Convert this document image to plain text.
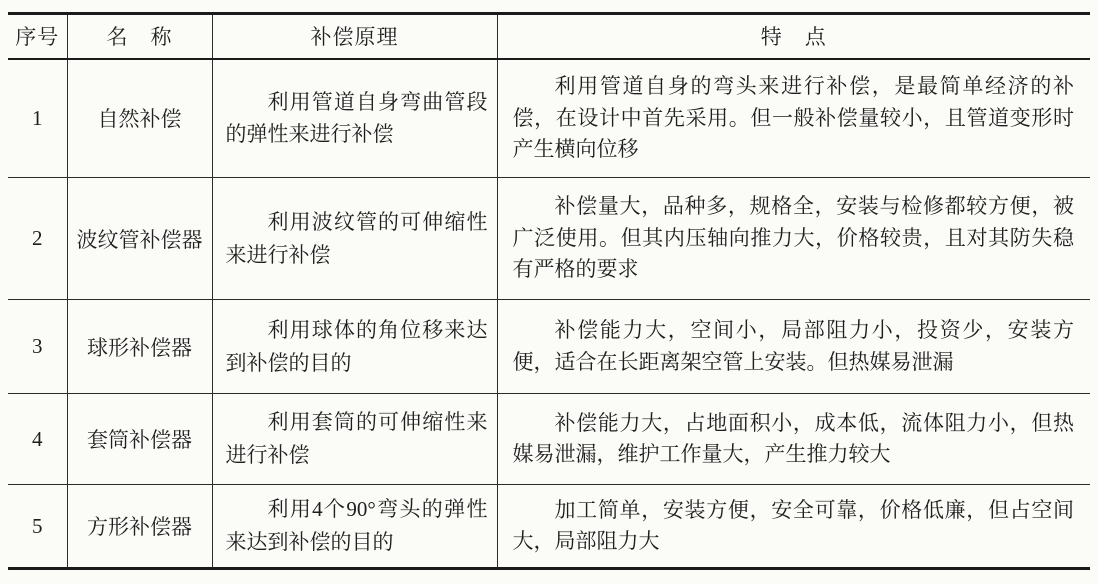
序号	名　称	补偿原理	特　点
1	自然补偿	利用管道自身弯曲管段的弹性来进行补偿	利用管道自身的弯头来进行补偿，是最简单经济的补偿，在设计中首先采用。但一般补偿量较小，且管道变形时产生横向位移
2	波纹管补偿器	利用波纹管的可伸缩性来进行补偿	补偿量大，品种多，规格全，安装与检修都较方便，被广泛使用。但其内压轴向推力大，价格较贵，且对其防失稳有严格的要求
3	球形补偿器	利用球体的角位移来达到补偿的目的	补偿能力大，空间小，局部阻力小，投资少，安装方便，适合在长距离架空管上安装。但热媒易泄漏
4	套筒补偿器	利用套筒的可伸缩性来进行补偿	补偿能力大，占地面积小，成本低，流体阻力小，但热媒易泄漏，维护工作量大，产生推力较大
5	方形补偿器	利用4个90°弯头的弹性来达到补偿的目的	加工简单，安装方便，安全可靠，价格低廉，但占空间大，局部阻力大
